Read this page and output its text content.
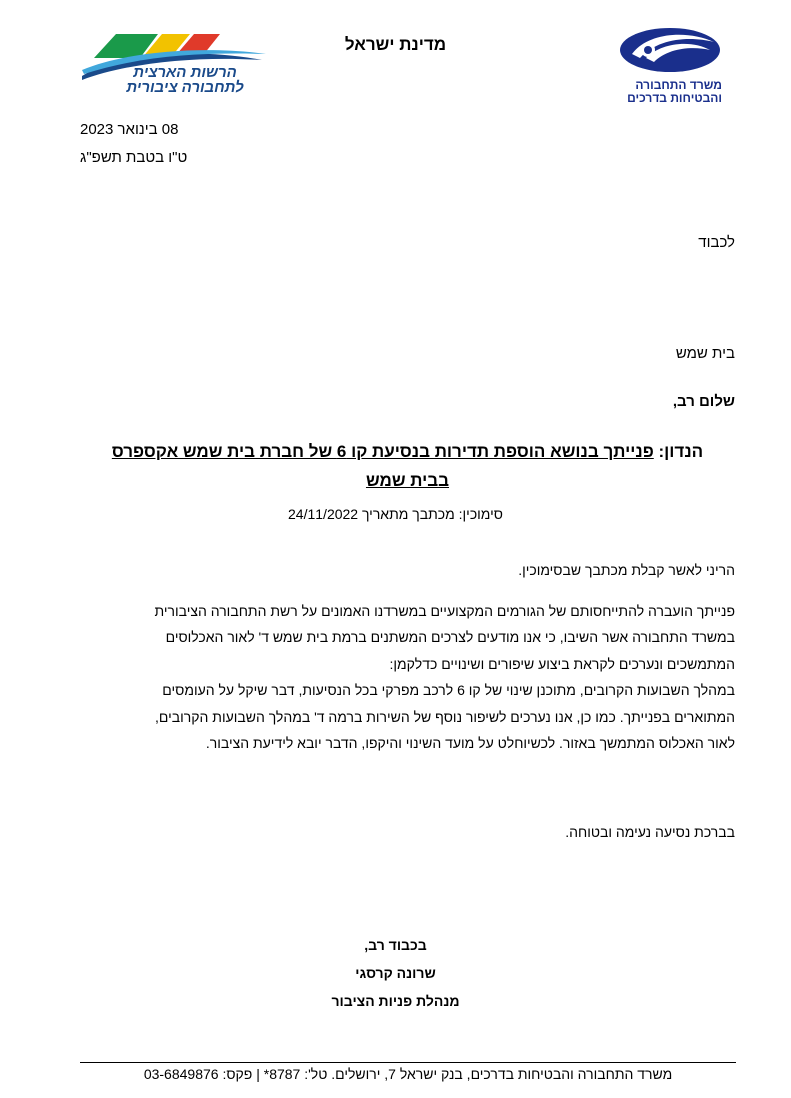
מדינת ישראל
הרשות הארצית
לתחבורה ציבורית	משרד התחבורה
והבטיחות בדרכים
08 בינואר 2023
ט"ו בטבת תשפ"ג
לכבוד
בית שמש
שלום רב,
הנדון: פנייתך בנושא הוספת תדירות בנסיעת קו 6 של חברת בית שמש אקספרס
בבית שמש
סימוכין: מכתבך מתאריך 24/11/2022
הריני לאשר קבלת מכתבך שבסימוכין.
פנייתך הועברה להתייחסותם של הגורמים המקצועיים במשרדנו האמונים על רשת התחבורה הציבורית
במשרד התחבורה אשר השיבו, כי אנו מודעים לצרכים המשתנים ברמת בית שמש ד' לאור האכלוסים
המתמשכים ונערכים לקראת ביצוע שיפורים ושינויים כדלקמן:
במהלך השבועות הקרובים, מתוכנן שינוי של קו 6 לרכב מפרקי בכל הנסיעות, דבר שיקל על העומסים
המתוארים בפנייתך. כמו כן, אנו נערכים לשיפור נוסף של השירות ברמה ד' במהלך השבועות הקרובים,
לאור האכלוס המתמשך באזור. לכשיוחלט על מועד השינוי והיקפו, הדבר יובא לידיעת הציבור.
בברכת נסיעה נעימה ובטוחה.
בכבוד רב,
שרונה קרסגי
מנהלת פניות הציבור
משרד התחבורה והבטיחות בדרכים, בנק ישראל 7, ירושלים. טל': 8787* | פקס: 03-6849876
